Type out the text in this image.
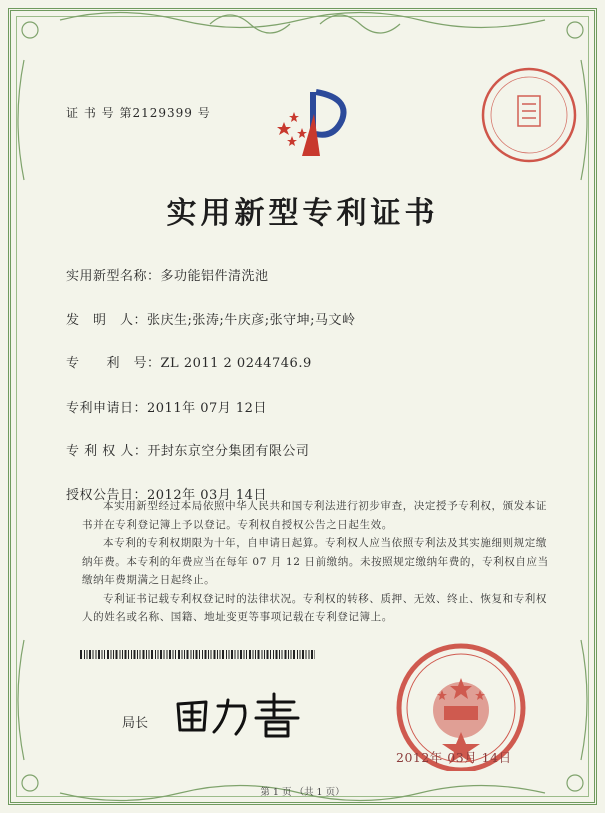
证 书 号 第2129399 号
实用新型专利证书
实用新型名称：多功能铝件清洗池
发　明　人：张庆生;张涛;牛庆彦;张守坤;马文岭
专　　利　号：ZL 2011 2 0244746.9
专利申请日：2011年 07月 12日
专 利 权 人：开封东京空分集团有限公司
授权公告日：2012年 03月 14日

本实用新型经过本局依照中华人民共和国专利法进行初步审查，决定授予专利权，颁发本证书并在专利登记簿上予以登记。专利权自授权公告之日起生效。

本专利的专利权期限为十年，自申请日起算。专利权人应当依照专利法及其实施细则规定缴纳年费。本专利的年费应当在每年 07 月 12 日前缴纳。未按照规定缴纳年费的，专利权自应当缴纳年费期满之日起终止。

专利证书记载专利权登记时的法律状况。专利权的转移、质押、无效、终止、恢复和专利权人的姓名或名称、国籍、地址变更等事项记载在专利登记簿上。

局长
2012年 03月 14日
第 1 页 （共 1 页）
